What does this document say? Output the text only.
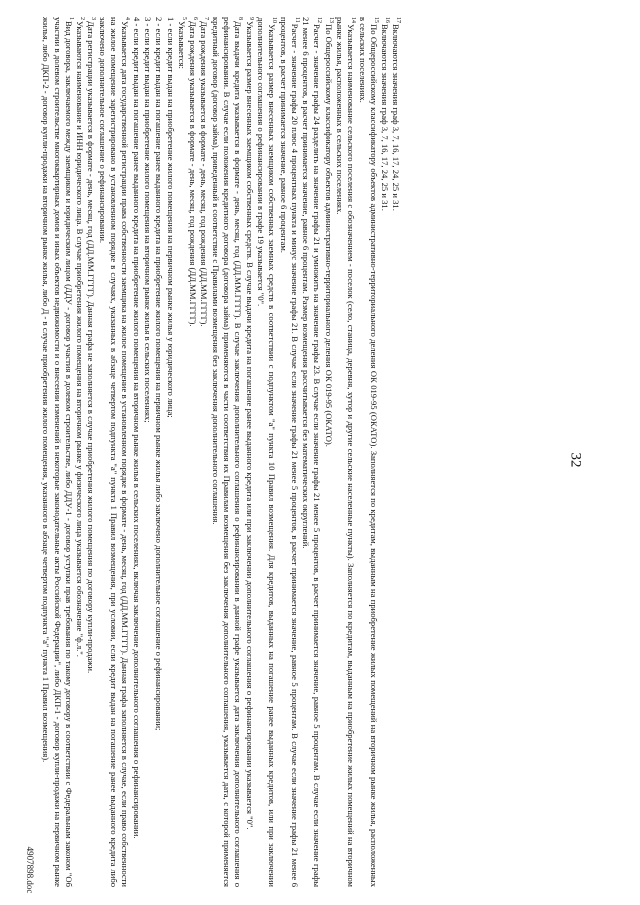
32
$^1$Вид договора, заключаемого между заемщиком и юридическим лицом (ДДУ - договор участия в долевом строительстве, либо ДДУ-1 - договор уступки прав требования по такому договору в соответствии с Федеральным законом "Об участии в долевом строительстве многоквартирных домов и иных объектов недвижимости и о внесении изменений в некоторые законодательные акты Российской Федерации", либо ДКП-1 - договор купли-продажи на первичном рынке жилья, либо ДКП-2 - договор купли-продажи на вторичном рынке жилья, либо Д - в случае приобретения жилого помещения, указанного в абзаце четвертом подпункта "а" пункта 1 Правил возмещения).	$^2$Указываются наименование и ИНН юридического лица. В случае приобретения жилого помещения на вторичном рынке у физического лица указывается обозначение "ф.л.".
$^3$Дата регистрации указывается в формате - день, месяц, год (ДД.ММ.ГГГГ). Данная графа не заполняется в случае приобретения жилого помещения по договору купли-продажи.
$^4$Указывается дата государственной регистрации права собственности заемщика на жилое помещение в установленном порядке в формате - день, месяц, год (ДД.ММ.ГГГГ). Данная графа заполняется в случае, если право собственности на жилое помещение зарегистрировано в установленном порядке в случаях, указанных в абзаце четвертом подпункта "а" пункта 1 Правил возмещения, при условии, если кредит выдан на погашение ранее выданного кредита либо заключено дополнительное соглашение о рефинансировании.	$^5$Указывается:
1 - если кредит выдан на приобретение жилого помещения на первичном рынке жилья у юридического лица;
2 - если кредит выдан на погашение ранее выданного кредита на приобретение жилого помещения на первичном рынке жилья либо заключено дополнительное соглашение о рефинансировании;
3 - если кредит выдан на приобретение жилого помещения на вторичном рынке жилья в сельских поселениях;
4 - если кредит выдан на погашение ранее выданного кредита на приобретение жилого помещения на вторичном рынке жилья в сельских поселениях, включая заключение дополнительного соглашения о рефинансировании.	$^6$Дата рождения указывается в формате - день, месяц, год рождения (ДД.ММ.ГГГГ).
$^7$Дата рождения указывается в формате - день, месяц, год рождения (ДД.ММ.ГГГГ).
$^8$Дата выдачи кредита указывается в формате - день, месяц, год (ДД.ММ.ГГГГ). В случае заключения дополнительного соглашения о рефинансировании в данной графе указывается дата заключения дополнительного соглашения о рефинансировании. В случае если положения кредитного договора (договора займа) применяются в части соответствия их Правилам возмещения без заключения дополнительного соглашения, указывается дата, с которой применяется кредитный договор (договор займа), приведенный в соответствие с Правилами возмещения без заключения дополнительного соглашения.	$^9$Указывается размер внесенных заемщиком собственных средств. В случае выдачи кредита на погашение ранее выданного кредита или при заключении дополнительного соглашения о рефинансировании указывается "0".
$^{10}$Указывается размер внесенных заемщиком собственных заемных средств в соответствии с подпунктом "а" пункта 10 Правил возмещения. Для кредитов, выданных на погашение ранее выданных кредитов, или при заключении дополнительного соглашения о рефинансировании в графе 19 указывается "0".	$^{11}$Расчет - значение графы 20 плюс 4 процентных пункта и минус значение графы 21. В случае если значение графы 21 менее 5 процентов, в расчет принимается значение, равное 5 процентам. В случае если значение графы 21 менее 6 процентов, в расчет принимается значение, равное 6 процентам.	$^{12}$Расчет - значение графы 24 разделить на значение графы 21 и умножить на значение графы 23. В случае если значение графы 21 менее 5 процентов, в расчет принимается значение, равное 5 процентам. В случае если значение графы 21 менее 6 процентов, в расчет принимается значение, равное 6 процентам. Размер возмещения рассчитывается без математических округлений.	$^{13}$По Общероссийскому классификатору объектов административно-территориального деления ОК 019-95 (ОКАТО).
$^{14}$Указывается наименование сельского поселения с обозначением - поселок (село, станица, деревня, хутор и другие сельские населенные пункты). Заполняется по кредитам, выданным на приобретение жилых помещений на вторичном рынке жилья, расположенных в сельских поселениях.	$^{15}$По Общероссийскому классификатору объектов административно-территориального деления ОК 019-95 (ОКАТО). Заполняется по кредитам, выданным на приобретение жилых помещений на вторичном рынке жилья, расположенных в сельских поселениях.	$^{16}$Включаются значения граф 3, 7, 16, 17, 24, 25 и 31.
$^{17}$Включаются значения граф 3, 7, 16, 17, 24, 25 и 31.
4907898.doc
